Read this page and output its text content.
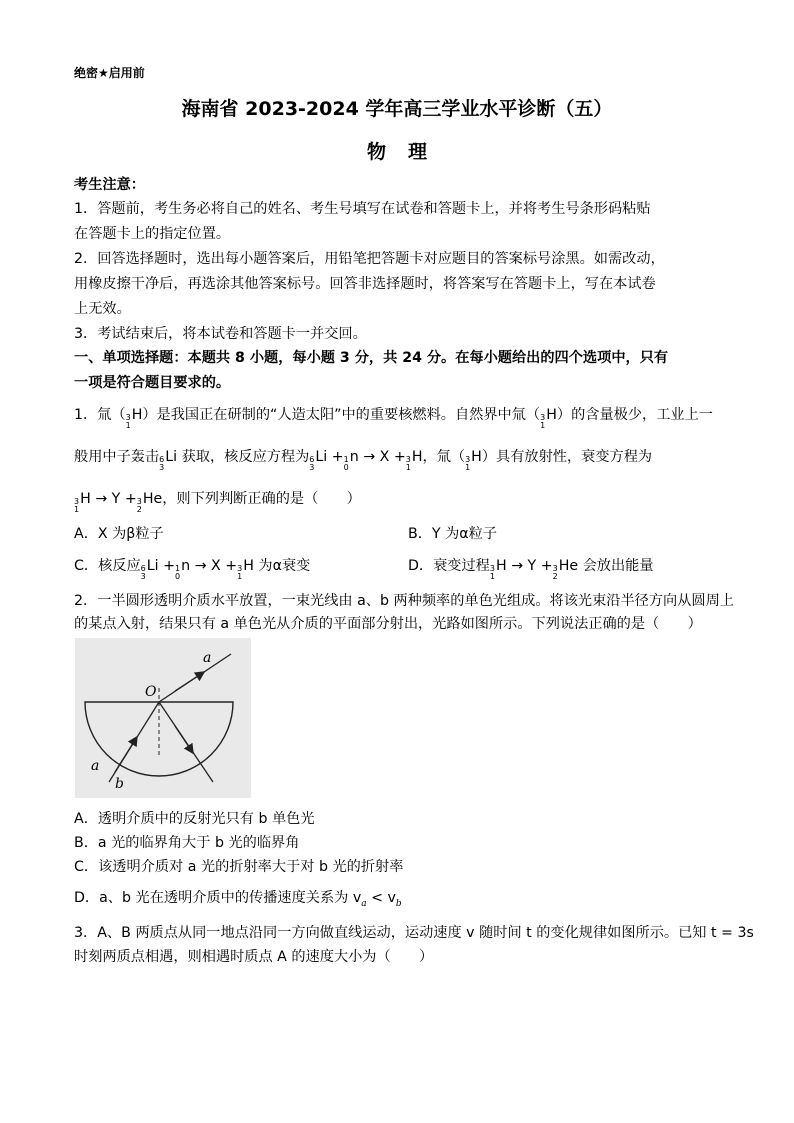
绝密★启用前
海南省 2023-2024 学年高三学业水平诊断（五）
物理
考生注意：
1．答题前，考生务必将自己的姓名、考生号填写在试卷和答题卡上，并将考生号条形码粘贴
在答题卡上的指定位置。
2．回答选择题时，选出每小题答案后，用铅笔把答题卡对应题目的答案标号涂黑。如需改动，
用橡皮擦干净后，再选涂其他答案标号。回答非选择题时，将答案写在答题卡上，写在本试卷
上无效。
3．考试结束后，将本试卷和答题卡一并交回。
一、单项选择题：本题共 8 小题，每小题 3 分，共 24 分。在每小题给出的四个选项中，只有
一项是符合题目要求的。
1．氚（ 3
1
H）是我国正在研制的“人造太阳”中的重要核燃料。自然界中氚（ 3
1
H）的含量极少，工业上一
般用中子轰击 6
3
Li 获取，核反应方程为 6
3
Li + 1
0
n → X + 3
1
H，氚（ 3
1
H）具有放射性，衰变方程为
3
1
H → Y + 3
2
He，则下列判断正确的是（　　）
A．X 为β粒子	B．Y 为α粒子
C．核反应 6
3
Li + 1
0
n → X + 3
1
H 为α衰变	D．衰变过程 3
1
H → Y + 3
2
He 会放出能量
2．一半圆形透明介质水平放置，一束光线由 a、b 两种频率的单色光组成。将该光束沿半径方向从圆周上
的某点入射，结果只有 a 单色光从介质的平面部分射出，光路如图所示。下列说法正确的是（　　）
O
a
a
b
A．透明介质中的反射光只有 b 单色光
B．a 光的临界角大于 b 光的临界角
C．该透明介质对 a 光的折射率大于对 b 光的折射率
D．a、b 光在透明介质中的传播速度关系为 $v_a < v_b$
3．A、B 两质点从同一地点沿同一方向做直线运动，运动速度 v 随时间 t 的变化规律如图所示。已知 t = 3s
时刻两质点相遇，则相遇时质点 A 的速度大小为（　　）
